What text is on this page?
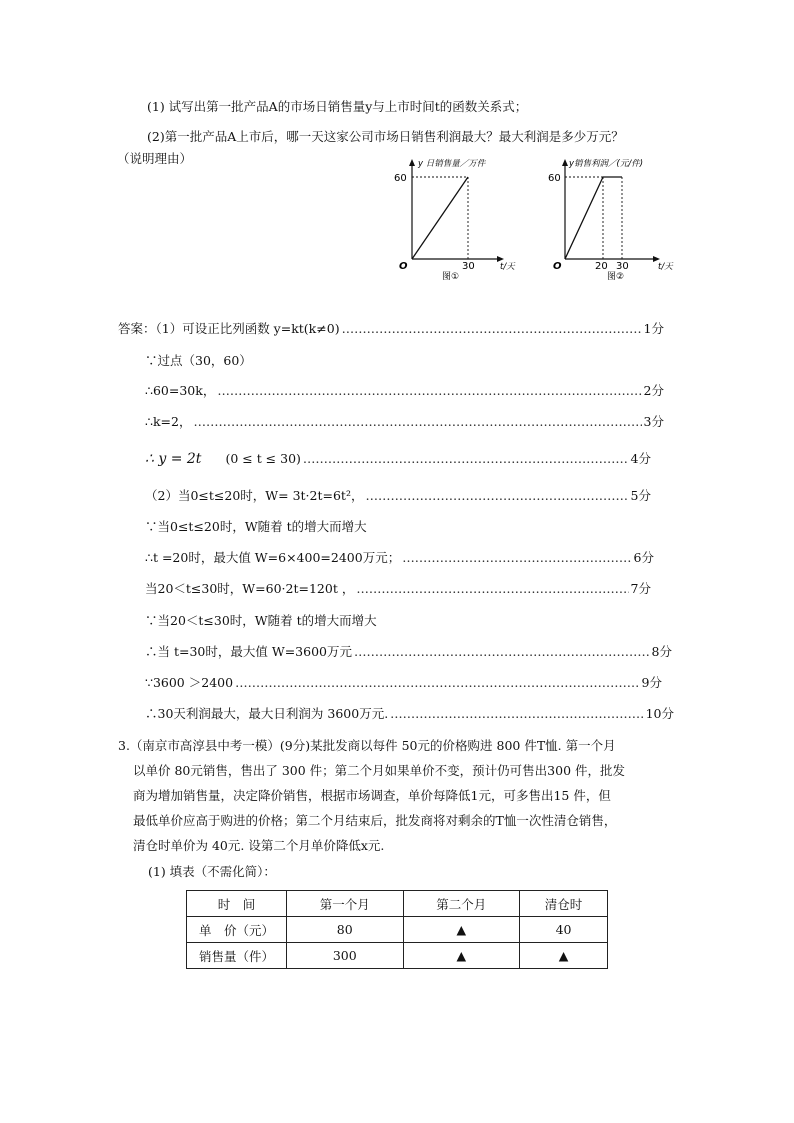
(1) 试写出第一批产品A的市场日销售量y与上市时间t的函数关系式；
(2)第一批产品A上市后，哪一天这家公司市场日销售利润最大？最大利润是多少万元？
（说明理由）	y 日销售量／万件
60
O	30	t/天
图①
y销售利润／(元/件)
60
O	20 30	t/天
图②
答案：（1）可设正比列函数 y=kt(k≠0) ………………………………………………………………………………………………………………………………………………………………	1分
∵过点（30，60）
∴60=30k， ………………………………………………………………………………………………………………………………………………………………	2分
∴k=2， ………………………………………………………………………………………………………………………………………………………………	3分
∴ y = 2t (0 ≤ t ≤ 30) ………………………………………………………………………………………………………………………………………………………………	4分
（2）当0≤t≤20时，W= 3t·2t=6t²， ………………………………………………………………………………………………………………………………………………………………	5分
∵当0≤t≤20时，W随着 t的增大而增大
∴t =20时，最大值 W=6×400=2400万元； ………………………………………………………………………………………………………………………………………………………………	6分
当20＜t≤30时，W=60·2t=120t ， ………………………………………………………………………………………………………………………………………………………………	7分
∵当20＜t≤30时，W随着 t的增大而增大
∴当 t=30时，最大值 W=3600万元 ………………………………………………………………………………………………………………………………………………………………	8分
∵3600 ＞2400 ………………………………………………………………………………………………………………………………………………………………	9分
∴30天利润最大，最大日利润为 3600万元. ………………………………………………………………………………………………………………………………………………………………	10分
3.（南京市高淳县中考一模）(9分)某批发商以每件 50元的价格购进 800 件T恤. 第一个月
以单价 80元销售，售出了 300 件；第二个月如果单价不变，预计仍可售出300 件，批发
商为增加销售量，决定降价销售，根据市场调查，单价每降低1元，可多售出15 件，但
最低单价应高于购进的价格；第二个月结束后，批发商将对剩余的T恤一次性清仓销售，
清仓时单价为 40元. 设第二个月单价降低x元.
(1) 填表（不需化简）：
时　间	第一个月	第二个月	清仓时
单　价（元）	80	▲	40
销售量（件）	300	▲	▲
